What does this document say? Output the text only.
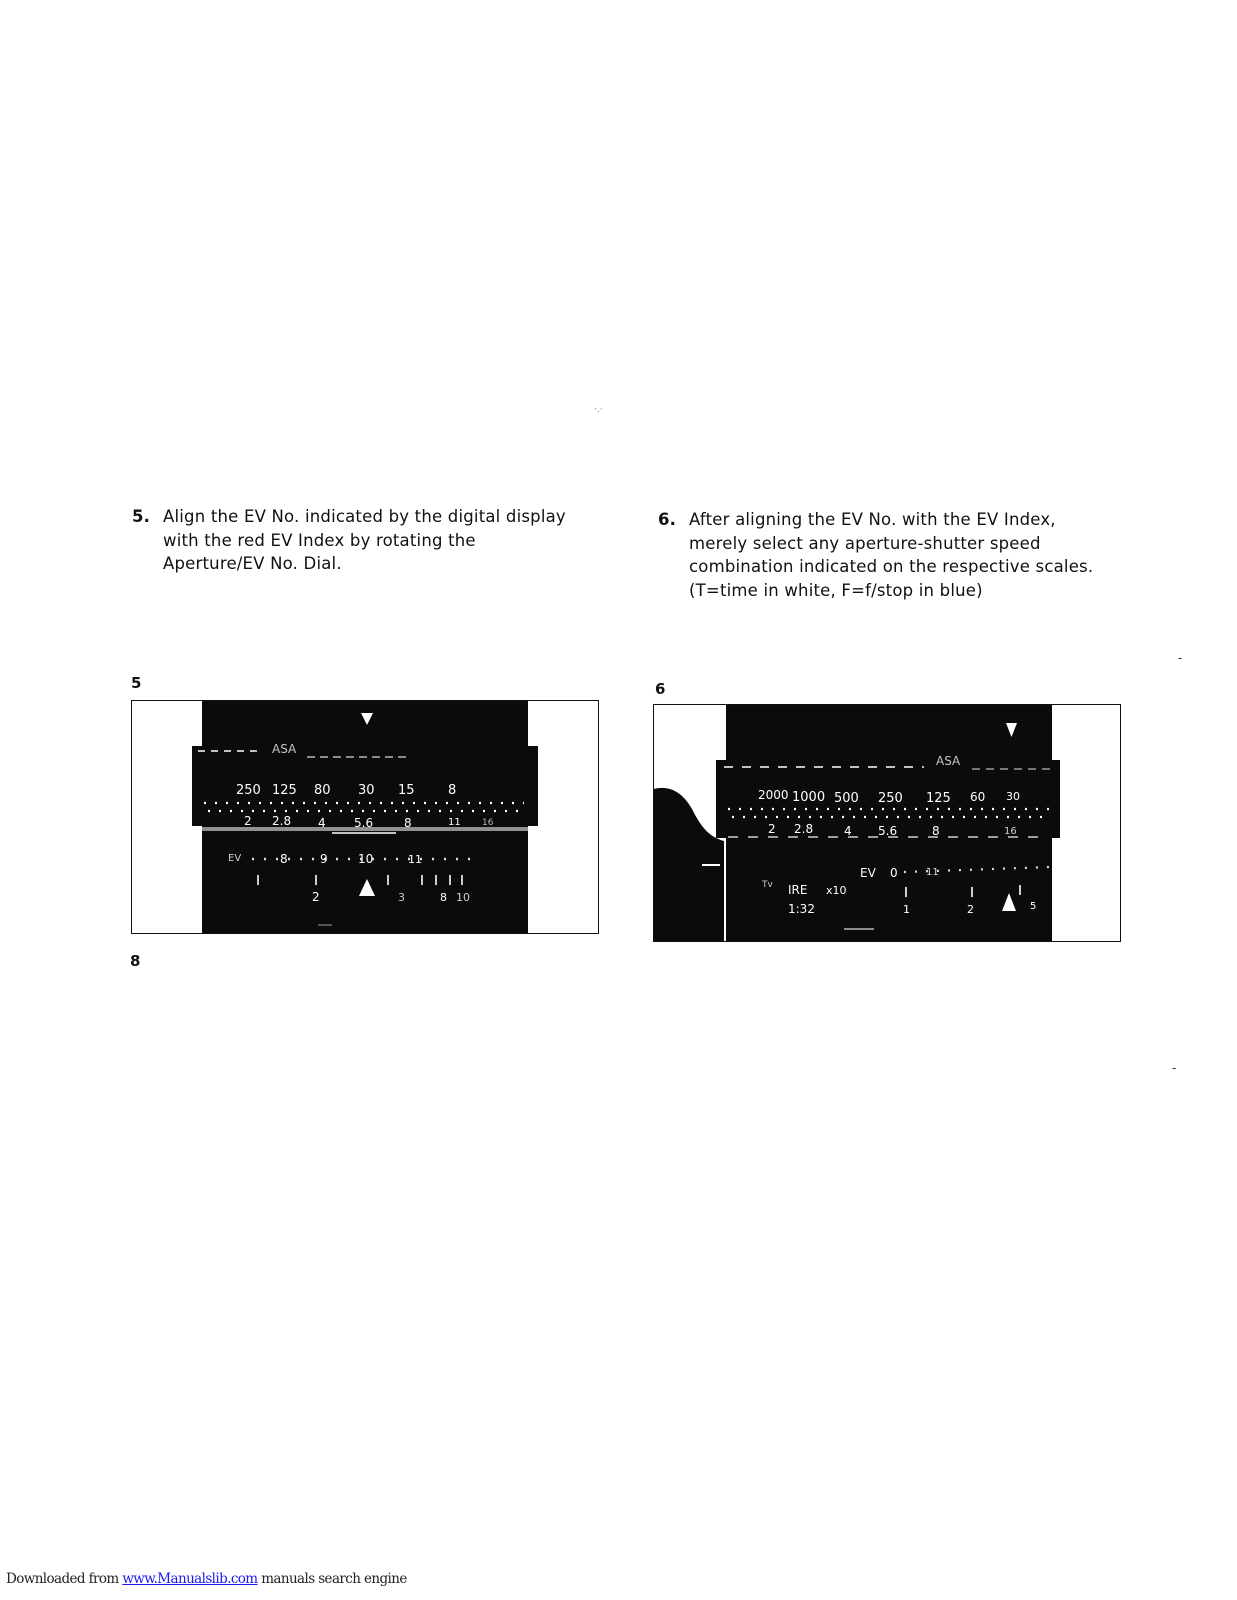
·.·
5. Align the EV No. indicated by the digital display
with the red EV Index by rotating the
Aperture/EV No. Dial.
6. After aligning the EV No. with the EV Index,
merely select any aperture-shutter speed
combination indicated on the respective scales.
(T=time in white, F=f/stop in blue)
-
5
ASA
250 125 80 30 15	8
2 2.8 4 5.6	8	11 16
EV	8	9	10	11
2	3	8 10
6
ASA
2000 1000 500 250 125 60 30
2 2.8	4 5.6	8	16
EV 0	11
Tv IRE x10
1:32	1	2	5
8
-
Downloaded from www.Manualslib.com manuals search engine
